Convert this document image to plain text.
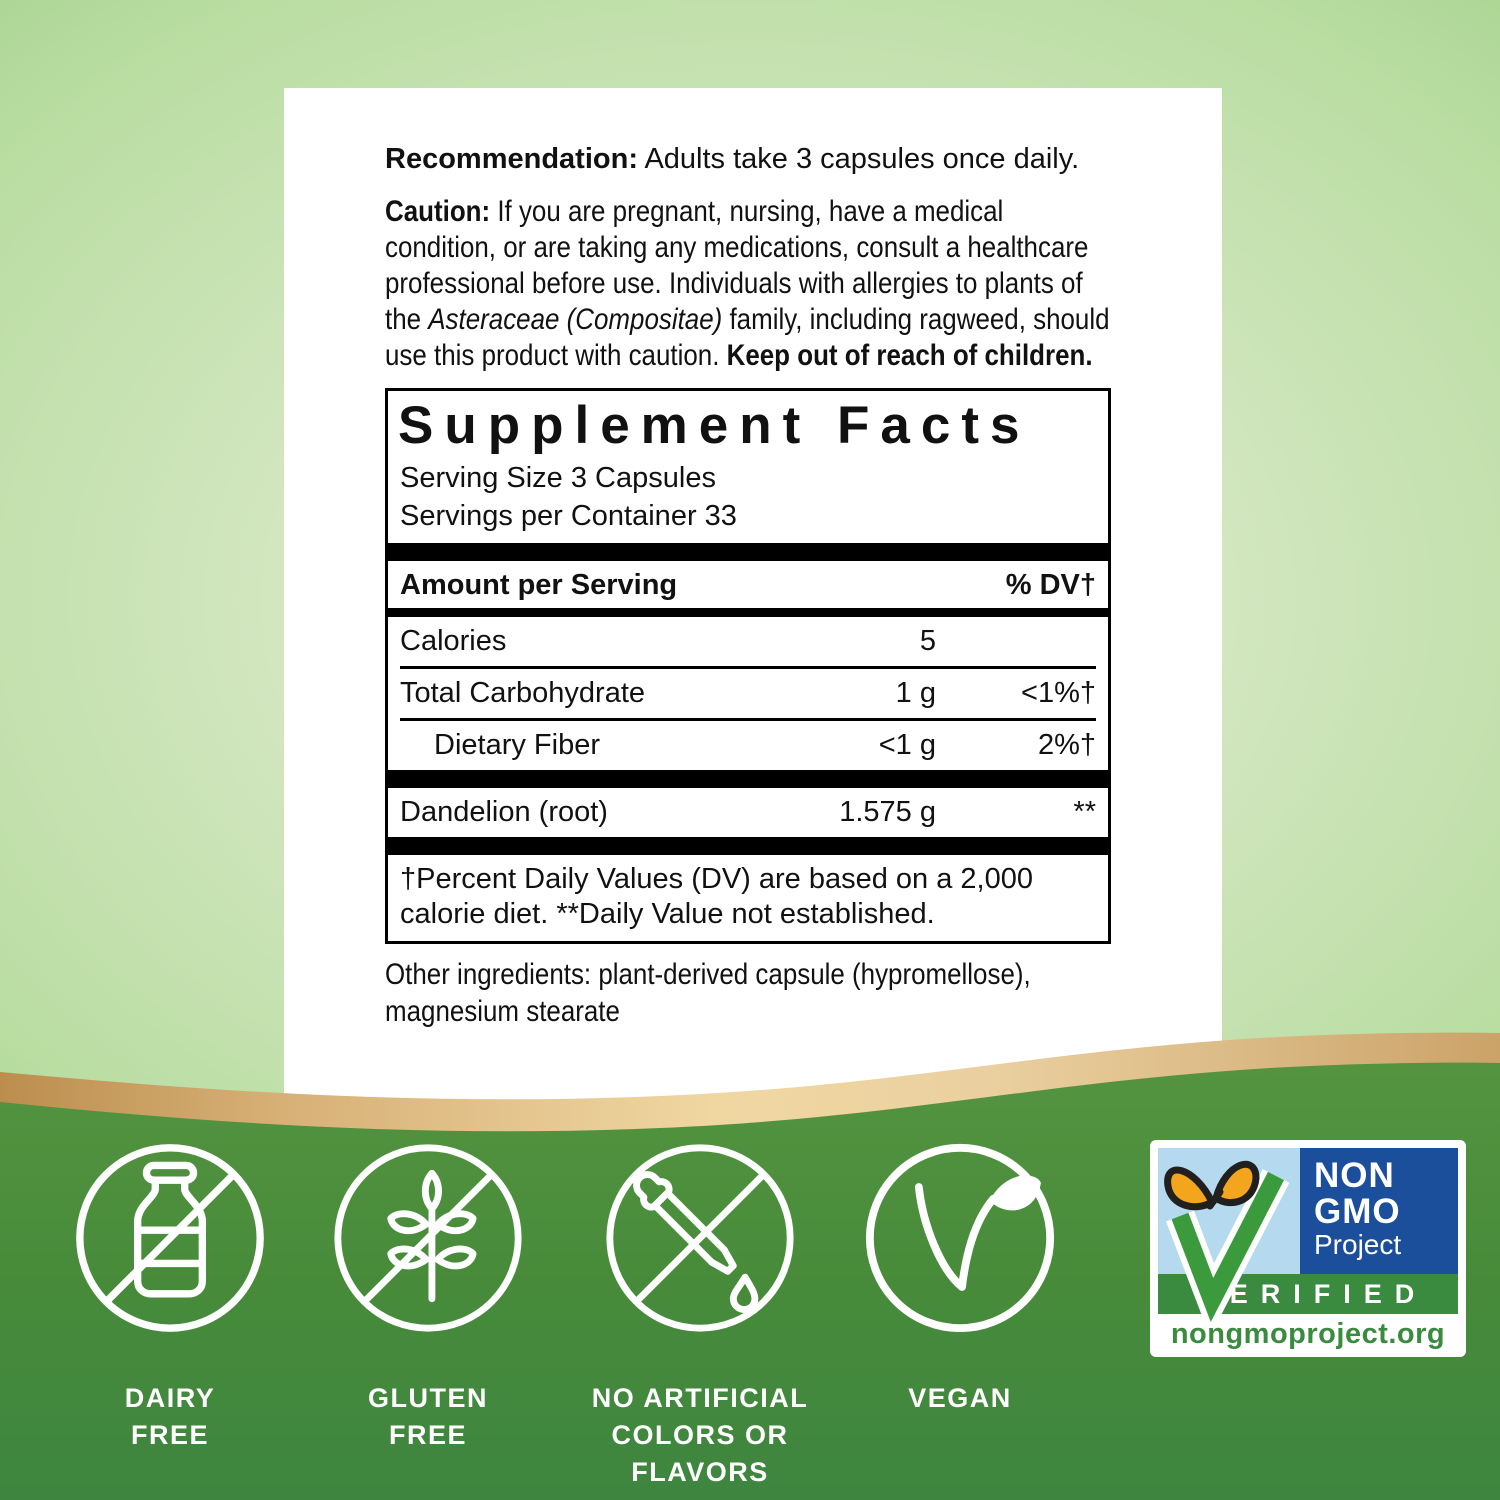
Recommendation: Adults take 3 capsules once daily.

Caution: If you are pregnant, nursing, have a medical condition, or are taking any medications, consult a healthcare professional before use. Individuals with allergies to plants of the Asteraceae (Compositae) family, including ragweed, should use this product with caution. Keep out of reach of children.

Supplement Facts
Serving Size 3 Capsules
Servings per Container 33
Amount per Serving	% DV†
Calories	5
Total Carbohydrate	1 g	<1%†
Dietary Fiber	<1 g	2%†
Dandelion (root)	1.575 g	**
†Percent Daily Values (DV) are based on a 2,000 calorie diet. **Daily Value not established.

Other ingredients: plant-derived capsule (hypromellose), magnesium stearate

DAIRY
FREE
GLUTEN
FREE
NO ARTIFICIAL
COLORS OR
FLAVORS
VEGAN
NON
GMO
Project
VERIFIED
nongmoproject.org
